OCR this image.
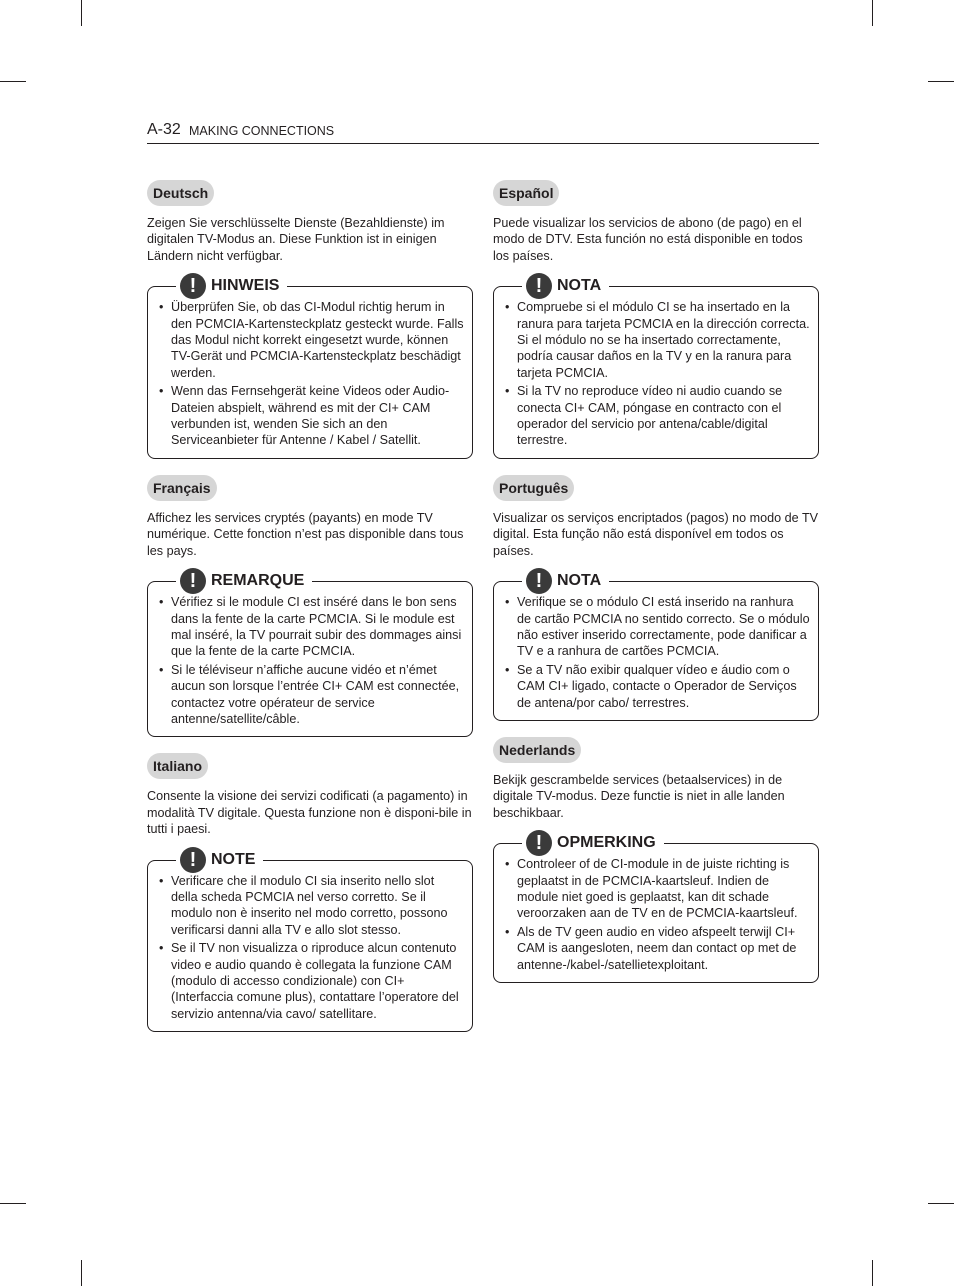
A-32 MAKING CONNECTIONS
Deutsch

Zeigen Sie verschlüsselte Dienste (Bezahldienste) im digitalen TV-Modus an. Diese Funktion ist in einigen Ländern nicht verfügbar.

! HINWEIS
• Überprüfen Sie, ob das CI-Modul richtig herum in den PCMCIA-Kartensteckplatz gesteckt wurde. Falls das Modul nicht korrekt eingesetzt wurde, können TV-Gerät und PCMCIA-Kartensteckplatz beschädigt werden.
• Wenn das Fernsehgerät keine Videos oder Audio-Dateien abspielt, während es mit der CI+ CAM verbunden ist, wenden Sie sich an den Serviceanbieter für Antenne / Kabel / Satellit.
Français

Affichez les services cryptés (payants) en mode TV numérique. Cette fonction n’est pas disponible dans tous les pays.

! REMARQUE
• Vérifiez si le module CI est inséré dans le bon sens dans la fente de la carte PCMCIA. Si le module est mal inséré, la TV pourrait subir des dommages ainsi que la fente de la carte PCMCIA.
• Si le téléviseur n’affiche aucune vidéo et n’émet aucun son lorsque l’entrée CI+ CAM est connectée, contactez votre opérateur de service antenne/satellite/câble.
Italiano

Consente la visione dei servizi codificati (a pagamento) in modalità TV digitale. Questa funzione non è disponi-bile in tutti i paesi.

! NOTE
• Verificare che il modulo CI sia inserito nello slot della scheda PCMCIA nel verso corretto. Se il modulo non è inserito nel modo corretto, possono verificarsi danni alla TV e allo slot stesso.
• Se il TV non visualizza o riproduce alcun contenuto video e audio quando è collegata la funzione CAM (modulo di accesso condizionale) con CI+ (Interfaccia comune plus), contattare l’operatore del servizio antenna/via cavo/ satellitare.
Español

Puede visualizar los servicios de abono (de pago) en el modo de DTV. Esta función no está disponible en todos los países.

! NOTA
• Compruebe si el módulo CI se ha insertado en la ranura para tarjeta PCMCIA en la dirección correcta. Si el módulo no se ha insertado correctamente, podría causar daños en la TV y en la ranura para tarjeta PCMCIA.
• Si la TV no reproduce vídeo ni audio cuando se conecta CI+ CAM, póngase en contracto con el operador del servicio por antena/cable/digital terrestre.
Português

Visualizar os serviços encriptados (pagos) no modo de TV digital. Esta função não está disponível em todos os países.

! NOTA
• Verifique se o módulo CI está inserido na ranhura de cartão PCMCIA no sentido correcto. Se o módulo não estiver inserido correctamente, pode danificar a TV e a ranhura de cartões PCMCIA.
• Se a TV não exibir qualquer vídeo e áudio com o CAM CI+ ligado, contacte o Operador de Serviços de antena/por cabo/ terrestres.
Nederlands

Bekijk gescrambelde services (betaalservices) in de digitale TV-modus. Deze functie is niet in alle landen beschikbaar.

! OPMERKING
• Controleer of de CI-module in de juiste richting is geplaatst in de PCMCIA-kaartsleuf. Indien de module niet goed is geplaatst, kan dit schade veroorzaken aan de TV en de PCMCIA-kaartsleuf.
• Als de TV geen audio en video afspeelt terwijl CI+ CAM is aangesloten, neem dan contact op met de antenne-/kabel-/satellietexploitant.
